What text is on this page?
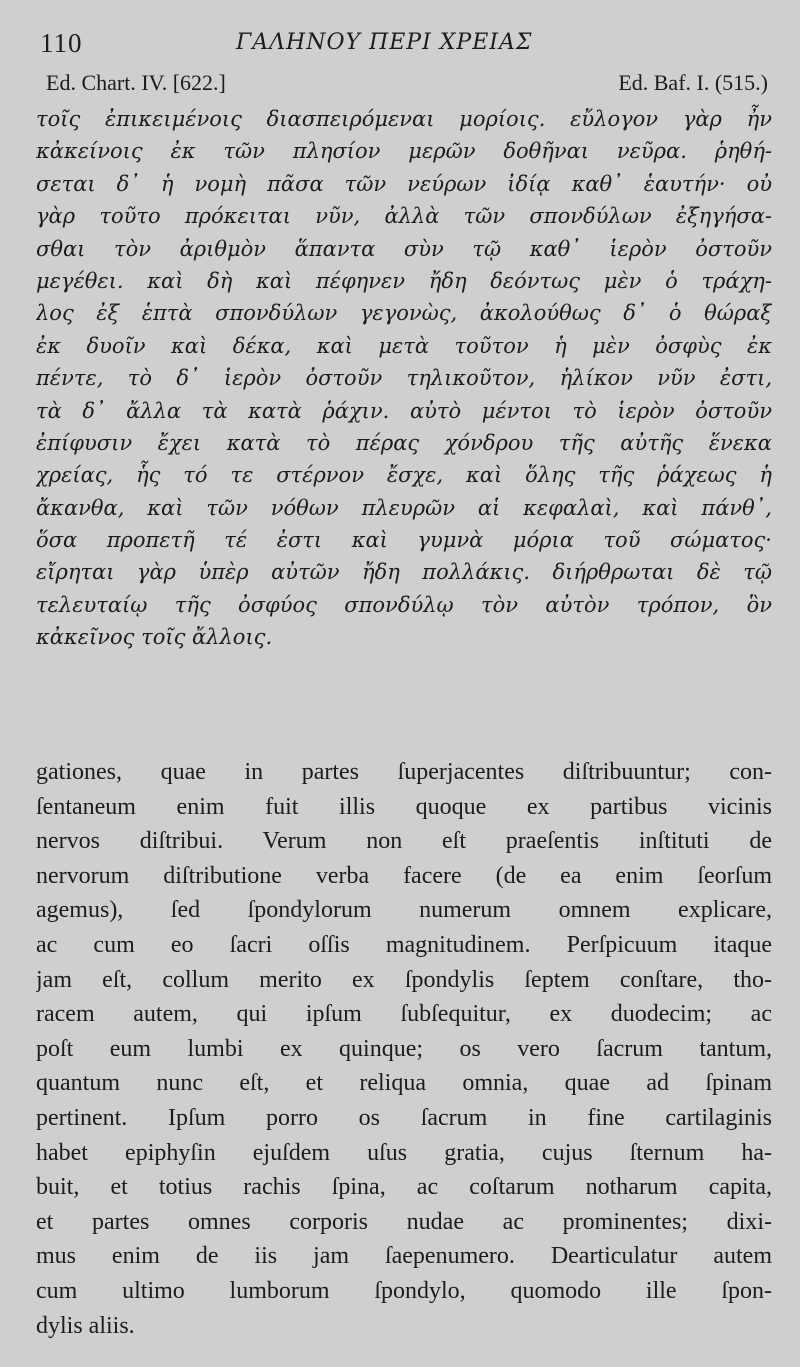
110	ΓΑΛΗΝΟΥ ΠΕΡΙ ΧΡΕΙΑΣ
Ed. Chart. IV. [622.]	Ed. Baf. I. (515.)
τοῖς ἐπικειμένοις διασπειρόμεναι μορίοις. εὔλογον γὰρ ἦν
κἀκείνοις ἐκ τῶν πλησίον μερῶν δοθῆναι νεῦρα. ῥηθή-
σεται δ᾽ ἡ νομὴ πᾶσα τῶν νεύρων ἰδίᾳ καθ᾽ ἑαυτήν· οὐ
γὰρ τοῦτο πρόκειται νῦν, ἀλλὰ τῶν σπονδύλων ἐξηγήσα-
σθαι τὸν ἀριθμὸν ἅπαντα σὺν τῷ καθ᾽ ἱερὸν ὀστοῦν
μεγέθει. καὶ δὴ καὶ πέφηνεν ἤδη δεόντως μὲν ὁ τράχη-
λος ἐξ ἑπτὰ σπονδύλων γεγονὼς, ἀκολούθως δ᾽ ὁ θώραξ
ἐκ δυοῖν καὶ δέκα, καὶ μετὰ τοῦτον ἡ μὲν ὀσφὺς ἐκ
πέντε, τὸ δ᾽ ἱερὸν ὀστοῦν τηλικοῦτον, ἡλίκον νῦν ἐστι,
τὰ δ᾽ ἄλλα τὰ κατὰ ῥάχιν. αὐτὸ μέντοι τὸ ἱερὸν ὀστοῦν
ἐπίφυσιν ἔχει κατὰ τὸ πέρας χόνδρου τῆς αὐτῆς ἕνεκα
χρείας, ἧς τό τε στέρνον ἔσχε, καὶ ὅλης τῆς ῥάχεως ἡ
ἄκανθα, καὶ τῶν νόθων πλευρῶν αἱ κεφαλαὶ, καὶ πάνθ᾽,
ὅσα προπετῆ τέ ἐστι καὶ γυμνὰ μόρια τοῦ σώματος·
εἴρηται γὰρ ὑπὲρ αὐτῶν ἤδη πολλάκις. διήρθρωται δὲ τῷ
τελευταίῳ τῆς ὀσφύος σπονδύλῳ τὸν αὐτὸν τρόπον, ὃν
κἀκεῖνος τοῖς ἄλλοις.
gationes, quae in partes ſuperjacentes diſtribuuntur; con-
ſentaneum enim fuit illis quoque ex partibus vicinis
nervos diſtribui. Verum non eſt praeſentis inſtituti de
nervorum diſtributione verba facere (de ea enim ſeorſum
agemus), ſed ſpondylorum numerum omnem explicare,
ac cum eo ſacri oſſis magnitudinem. Perſpicuum itaque
jam eſt, collum merito ex ſpondylis ſeptem conſtare, tho-
racem autem, qui ipſum ſubſequitur, ex duodecim; ac
poſt eum lumbi ex quinque; os vero ſacrum tantum,
quantum nunc eſt, et reliqua omnia, quae ad ſpinam
pertinent. Ipſum porro os ſacrum in fine cartilaginis
habet epiphyſin ejuſdem uſus gratia, cujus ſternum ha-
buit, et totius rachis ſpina, ac coſtarum notharum capita,
et partes omnes corporis nudae ac prominentes; dixi-
mus enim de iis jam ſaepenumero. Dearticulatur autem
cum ultimo lumborum ſpondylo, quomodo ille ſpon-
dylis aliis.
